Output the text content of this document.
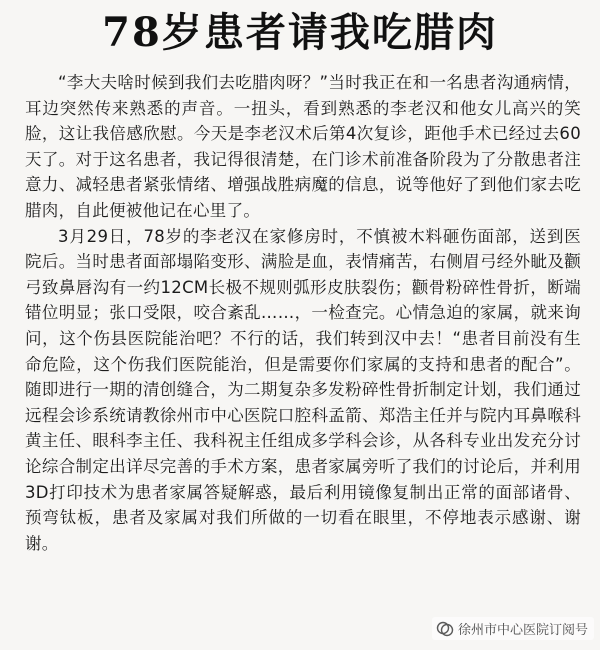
78岁患者请我吃腊肉

“李大夫啥时候到我们去吃腊肉呀？”当时我正在和一名患者沟通病情，耳边突然传来熟悉的声音。一扭头，看到熟悉的李老汉和他女儿高兴的笑脸，这让我倍感欣慰。今天是李老汉术后第4次复诊，距他手术已经过去60天了。对于这名患者，我记得很清楚，在门诊术前准备阶段为了分散患者注意力、减轻患者紧张情绪、增强战胜病魔的信息，说等他好了到他们家去吃腊肉，自此便被他记在心里了。

3月29日，78岁的李老汉在家修房时，不慎被木料砸伤面部，送到医院后。当时患者面部塌陷变形、满脸是血，表情痛苦，右侧眉弓经外眦及颧弓致鼻唇沟有一约12CM长极不规则弧形皮肤裂伤；颧骨粉碎性骨折，断端错位明显；张口受限，咬合紊乱……，一检查完。心情急迫的家属，就来询问，这个伤县医院能治吧？不行的话，我们转到汉中去！“患者目前没有生命危险，这个伤我们医院能治，但是需要你们家属的支持和患者的配合”。随即进行一期的清创缝合，为二期复杂多发粉碎性骨折制定计划，我们通过远程会诊系统请教徐州市中心医院口腔科孟箭、郑浩主任并与院内耳鼻喉科黄主任、眼科李主任、我科祝主任组成多学科会诊，从各科专业出发充分讨论综合制定出详尽完善的手术方案，患者家属旁听了我们的讨论后，并利用3D打印技术为患者家属答疑解惑，最后利用镜像复制出正常的面部诸骨、预弯钛板，患者及家属对我们所做的一切看在眼里，不停地表示感谢、谢谢。

徐州市中心医院订阅号
